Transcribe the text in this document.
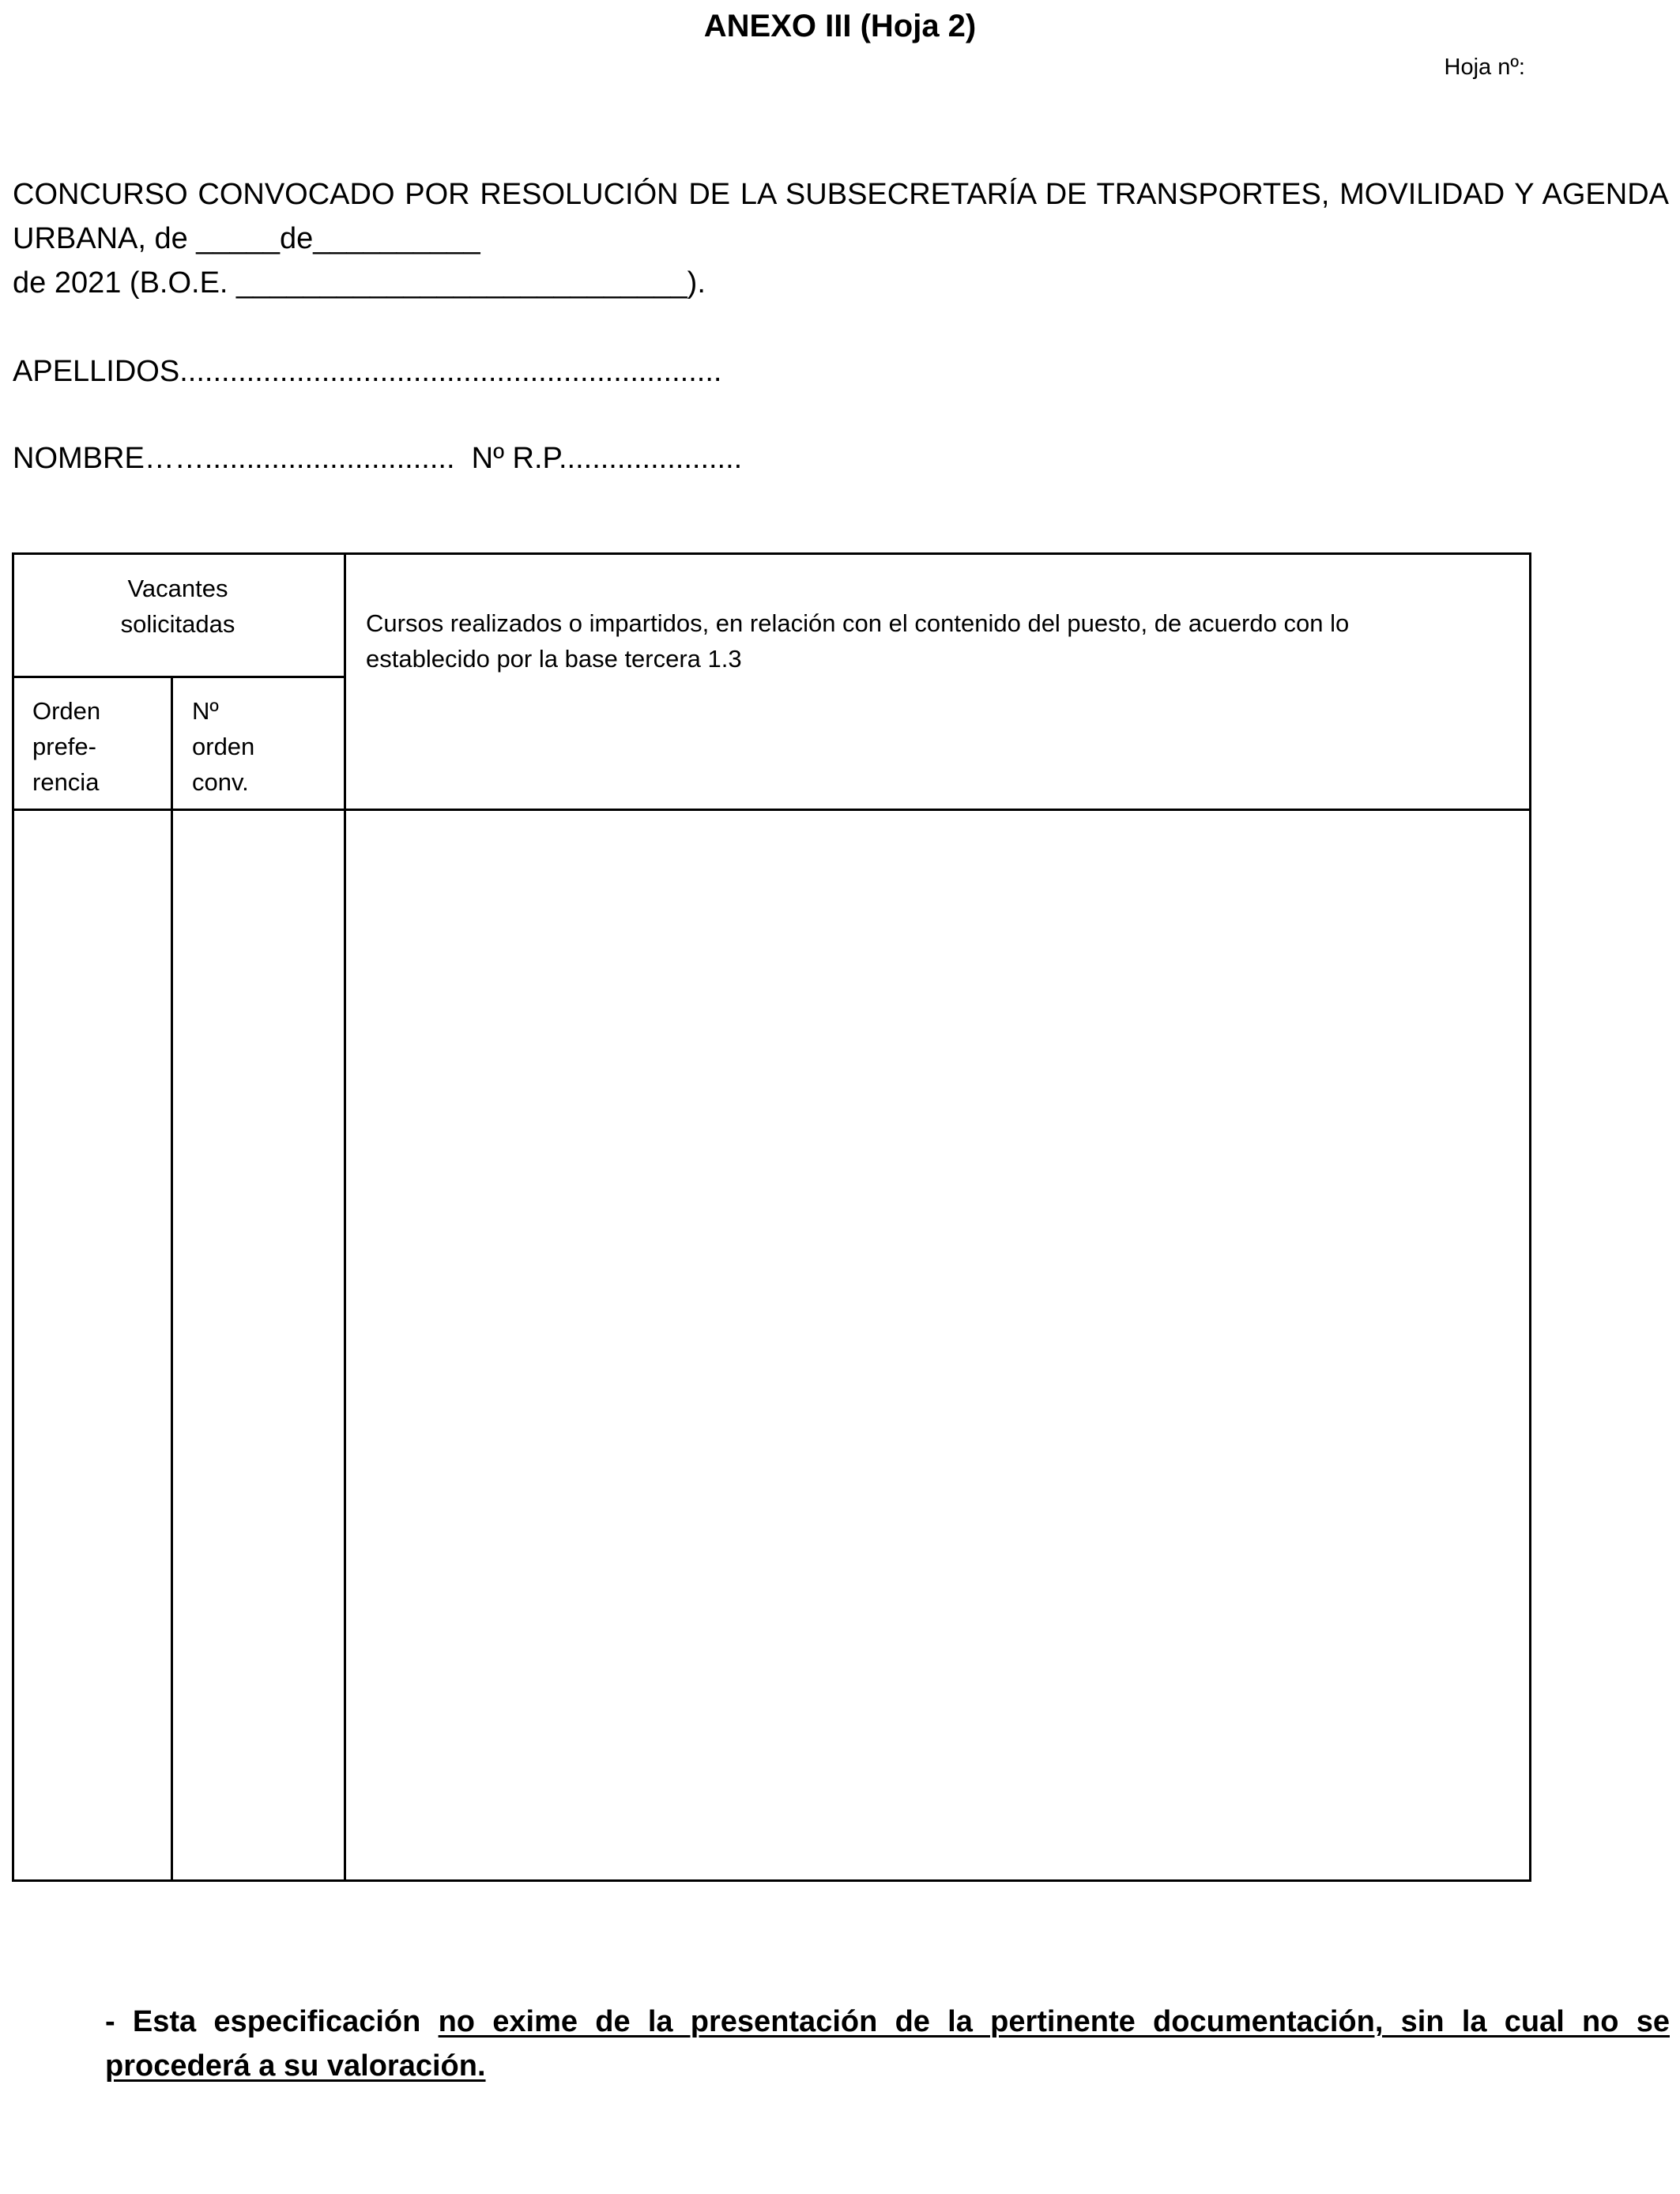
ANEXO III (Hoja 2)
Hoja nº:
CONCURSO CONVOCADO POR RESOLUCIÓN DE LA SUBSECRETARÍA DE TRANSPORTES, MOVILIDAD Y AGENDA
URBANA, de _____de__________
de 2021 (B.O.E. ___________________________).
APELLIDOS.................................................................
NOMBRE……..............................  Nº R.P......................
Vacantes solicitadas
Orden
prefe-
rencia
Nº
orden
conv.
Cursos realizados o impartidos, en relación con el contenido del puesto, de acuerdo con lo establecido por la base tercera 1.3
- Esta especificación no exime de la presentación de la pertinente documentación, sin la cual no se procederá a su valoración.
